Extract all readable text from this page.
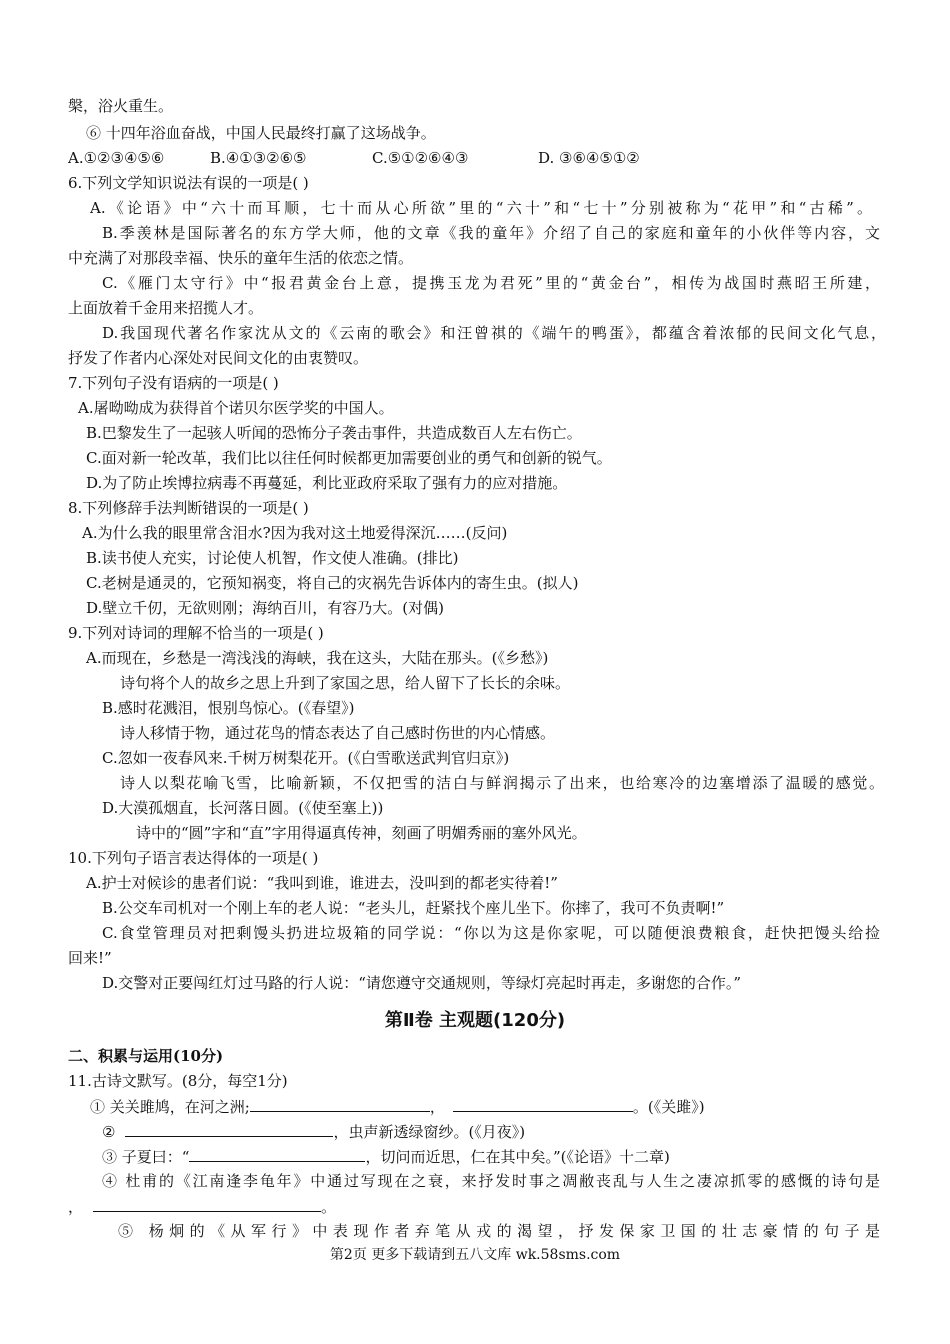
槃，浴火重生。
⑥ 十四年浴血奋战，中国人民最终打赢了这场战争。
A.①②③④⑤⑥	B.④①③②⑥⑤	C.⑤①②⑥④③	D. ③⑥④⑤①②
6.下列文学知识说法有误的一项是( )
A.《论语》中“六十而耳顺，七十而从心所欲”里的“六十”和“七十”分别被称为“花甲”和“古稀”。
B.季羡林是国际著名的东方学大师，他的文章《我的童年》介绍了自己的家庭和童年的小伙伴等内容，文
中充满了对那段幸福、快乐的童年生活的依恋之情。
C.《雁门太守行》中“报君黄金台上意，提携玉龙为君死”里的“黄金台”，相传为战国时燕昭王所建，
上面放着千金用来招揽人才。
D.我国现代著名作家沈从文的《云南的歌会》和汪曾祺的《端午的鸭蛋》，都蕴含着浓郁的民间文化气息，
抒发了作者内心深处对民间文化的由衷赞叹。
7.下列句子没有语病的一项是( )
A.屠呦呦成为获得首个诺贝尔医学奖的中国人。
B.巴黎发生了一起骇人听闻的恐怖分子袭击事件，共造成数百人左右伤亡。
C.面对新一轮改革，我们比以往任何时候都更加需要创业的勇气和创新的锐气。
D.为了防止埃博拉病毒不再蔓延，利比亚政府采取了强有力的应对措施。
8.下列修辞手法判断错误的一项是( )
A.为什么我的眼里常含泪水?因为我对这土地爱得深沉……(反问)
B.读书使人充实，讨论使人机智，作文使人准确。(排比)
C.老树是通灵的，它预知祸变，将自己的灾祸先告诉体内的寄生虫。(拟人)
D.壁立千仞，无欲则刚；海纳百川，有容乃大。(对偶)
9.下列对诗词的理解不恰当的一项是( )
A.而现在，乡愁是一湾浅浅的海峡，我在这头，大陆在那头。(《乡愁》)
诗句将个人的故乡之思上升到了家国之思，给人留下了长长的余味。
B.感时花溅泪，恨别鸟惊心。(《春望》)
诗人移情于物，通过花鸟的情态表达了自己感时伤世的内心情感。
C.忽如一夜春风来.千树万树梨花开。(《白雪歌送武判官归京》)
诗人以梨花喻飞雪，比喻新颖，不仅把雪的洁白与鲜润揭示了出来，也给寒冷的边塞增添了温暖的感觉。
D.大漠孤烟直，长河落日圆。(《使至塞上))
诗中的“圆”字和“直”字用得逼真传神，刻画了明媚秀丽的塞外风光。
10.下列句子语言表达得体的一项是( )
A.护士对候诊的患者们说：“我叫到谁，谁进去，没叫到的都老实待着!”
B.公交车司机对一个刚上车的老人说：“老头儿，赶紧找个座儿坐下。你摔了，我可不负责啊!”
C.食堂管理员对把剩馒头扔进垃圾箱的同学说：“你以为这是你家呢，可以随便浪费粮食，赶快把馒头给捡
回来!”
D.交警对正要闯红灯过马路的行人说：“请您遵守交通规则，等绿灯亮起时再走，多谢您的合作。”
第Ⅱ卷 主观题(120分)
二、积累与运用(10分)
11.古诗文默写。(8分，每空1分)
① 关关雎鸠，在河之洲;	，	。(《关雎》)
②	，虫声新透绿窗纱。(《月夜》)
③ 子夏曰：“	，切问而近思，仁在其中矣。”(《论语》十二章)
④ 杜甫的《江南逢李龟年》中通过写现在之衰，来抒发时事之凋敝丧乱与人生之凄凉抓零的感慨的诗句是
，	。
⑤ 杨炯的《从军行》中表现作者弃笔从戎的渴望，抒发保家卫国的壮志豪情的句子是
第2页 更多下载请到五八文库 wk.58sms.com
